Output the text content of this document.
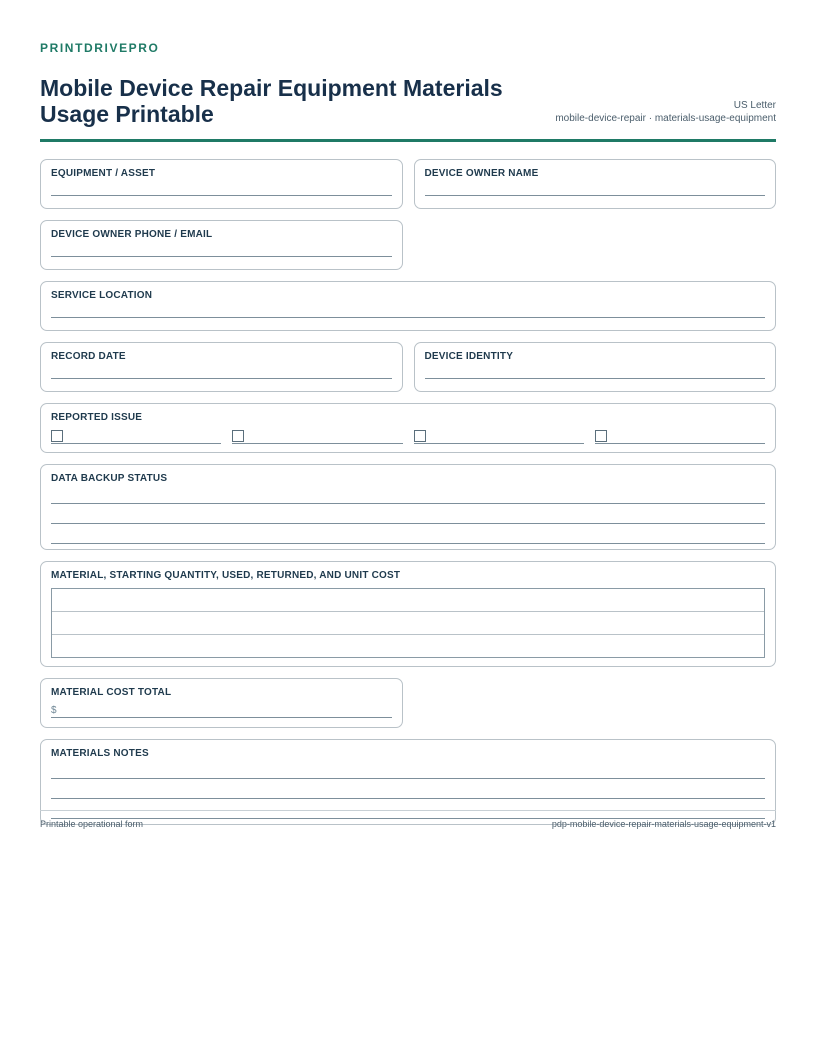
PRINTDRIVEPRO
Mobile Device Repair Equipment Materials Usage Printable	US Letter
mobile-device-repair · materials-usage-equipment
EQUIPMENT / ASSET	DEVICE OWNER NAME
DEVICE OWNER PHONE / EMAIL
SERVICE LOCATION
RECORD DATE	DEVICE IDENTITY
REPORTED ISSUE
DATA BACKUP STATUS
MATERIAL, STARTING QUANTITY, USED, RETURNED, AND UNIT COST
MATERIAL COST TOTAL
$
MATERIALS NOTES
Printable operational form	pdp-mobile-device-repair-materials-usage-equipment-v1
